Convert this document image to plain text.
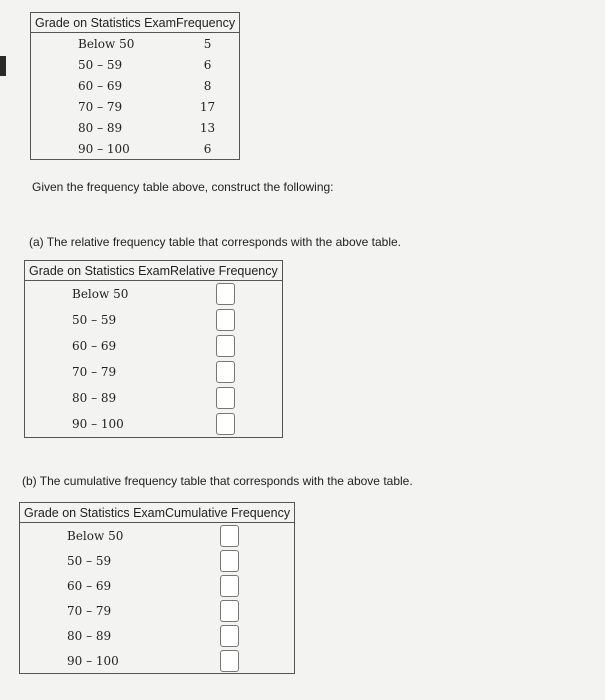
Grade on Statistics Exam	Frequency
Below 50	5
50 – 59	6
60 – 69	8
70 – 79	17
80 – 89	13
90 – 100	6
Given the frequency table above, construct the following:
(a) The relative frequency table that corresponds with the above table.
Grade on Statistics Exam	Relative Frequency
Below 50	
50 – 59	
60 – 69	
70 – 79	
80 – 89	
90 – 100	
(b) The cumulative frequency table that corresponds with the above table.
Grade on Statistics Exam	Cumulative Frequency
Below 50	
50 – 59	
60 – 69	
70 – 79	
80 – 89	
90 – 100	
